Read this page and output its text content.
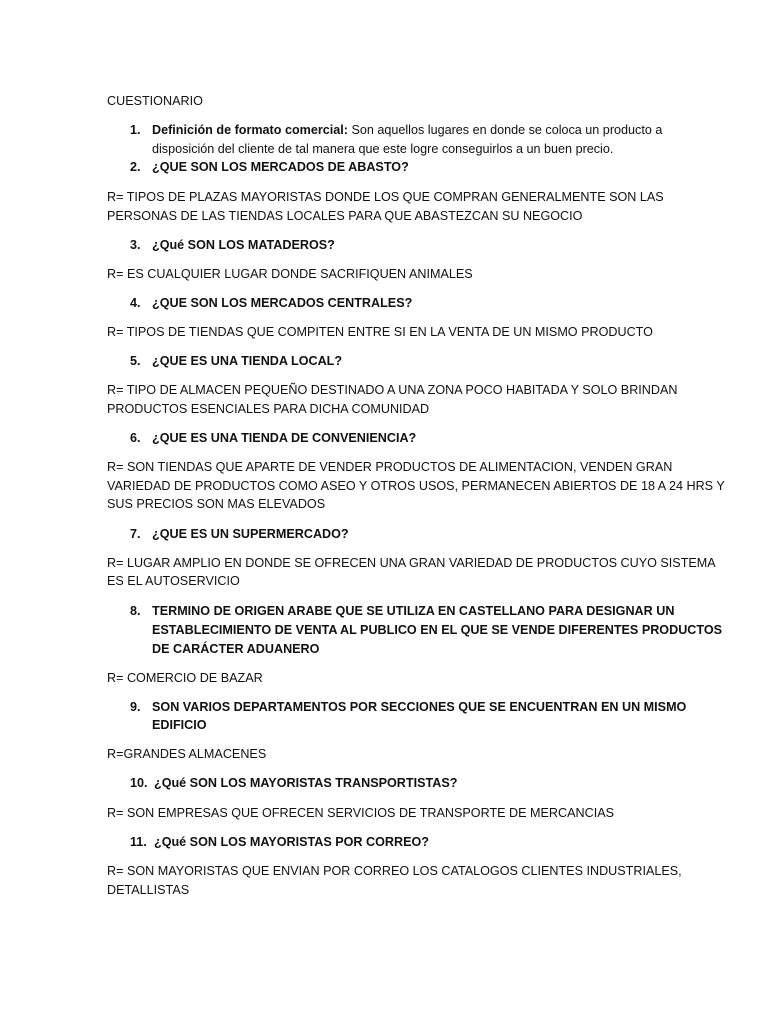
CUESTIONARIO
1. Definición de formato comercial: Son aquellos lugares en donde se coloca un producto a
disposición del cliente de tal manera que este logre conseguirlos a un buen precio.
2. ¿QUE SON LOS MERCADOS DE ABASTO?
R= TIPOS DE PLAZAS MAYORISTAS DONDE LOS QUE COMPRAN GENERALMENTE SON LAS
PERSONAS DE LAS TIENDAS LOCALES PARA QUE ABASTEZCAN SU NEGOCIO
3. ¿Qué SON LOS MATADEROS?
R= ES CUALQUIER LUGAR DONDE SACRIFIQUEN ANIMALES
4. ¿QUE SON LOS MERCADOS CENTRALES?
R= TIPOS DE TIENDAS QUE COMPITEN ENTRE SI EN LA VENTA DE UN MISMO PRODUCTO
5. ¿QUE ES UNA TIENDA LOCAL?
R= TIPO DE ALMACEN PEQUEÑO DESTINADO A UNA ZONA POCO HABITADA Y SOLO BRINDAN
PRODUCTOS ESENCIALES PARA DICHA COMUNIDAD
6. ¿QUE ES UNA TIENDA DE CONVENIENCIA?
R= SON TIENDAS QUE APARTE DE VENDER PRODUCTOS DE ALIMENTACION, VENDEN GRAN
VARIEDAD DE PRODUCTOS COMO ASEO Y OTROS USOS, PERMANECEN ABIERTOS DE 18 A 24 HRS Y
SUS PRECIOS SON MAS ELEVADOS
7. ¿QUE ES UN SUPERMERCADO?
R= LUGAR AMPLIO EN DONDE SE OFRECEN UNA GRAN VARIEDAD DE PRODUCTOS CUYO SISTEMA
ES EL AUTOSERVICIO
8. TERMINO DE ORIGEN ARABE QUE SE UTILIZA EN CASTELLANO PARA DESIGNAR UN
ESTABLECIMIENTO DE VENTA AL PUBLICO EN EL QUE SE VENDE DIFERENTES PRODUCTOS
DE CARÁCTER ADUANERO
R= COMERCIO DE BAZAR
9. SON VARIOS DEPARTAMENTOS POR SECCIONES QUE SE ENCUENTRAN EN UN MISMO
EDIFICIO
R=GRANDES ALMACENES
10. ¿Qué SON LOS MAYORISTAS TRANSPORTISTAS?
R= SON EMPRESAS QUE OFRECEN SERVICIOS DE TRANSPORTE DE MERCANCIAS
11. ¿Qué SON LOS MAYORISTAS POR CORREO?
R= SON MAYORISTAS QUE ENVIAN POR CORREO LOS CATALOGOS CLIENTES INDUSTRIALES,
DETALLISTAS
